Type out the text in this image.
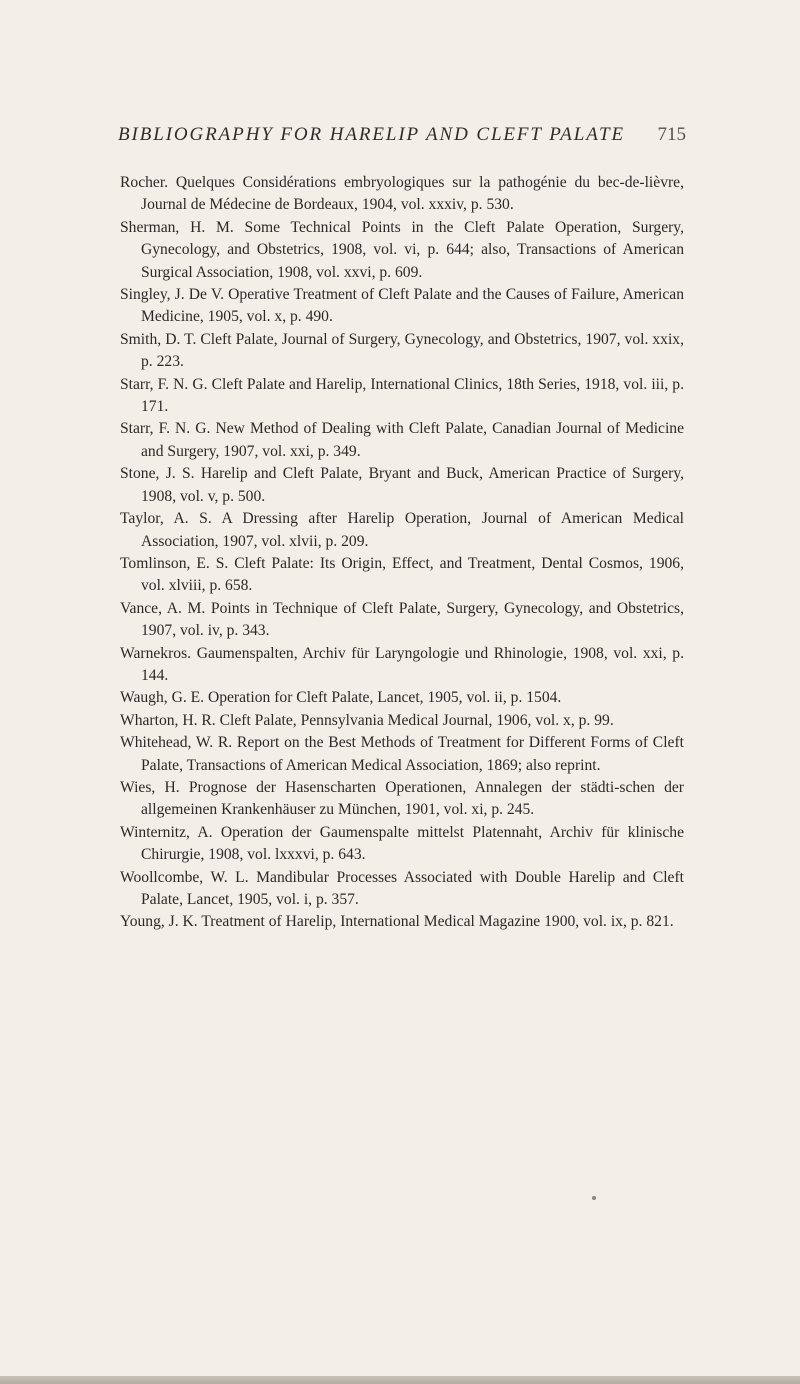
BIBLIOGRAPHY FOR HARELIP AND CLEFT PALATE 715
Rocher. Quelques Considérations embryologiques sur la pathogénie du bec-de-lièvre, Journal de Médecine de Bordeaux, 1904, vol. xxxiv, p. 530.
Sherman, H. M. Some Technical Points in the Cleft Palate Operation, Surgery, Gynecology, and Obstetrics, 1908, vol. vi, p. 644; also, Transactions of American Surgical Association, 1908, vol. xxvi, p. 609.
Singley, J. De V. Operative Treatment of Cleft Palate and the Causes of Failure, American Medicine, 1905, vol. x, p. 490.
Smith, D. T. Cleft Palate, Journal of Surgery, Gynecology, and Obstetrics, 1907, vol. xxix, p. 223.
Starr, F. N. G. Cleft Palate and Harelip, International Clinics, 18th Series, 1918, vol. iii, p. 171.
Starr, F. N. G. New Method of Dealing with Cleft Palate, Canadian Journal of Medicine and Surgery, 1907, vol. xxi, p. 349.
Stone, J. S. Harelip and Cleft Palate, Bryant and Buck, American Practice of Surgery, 1908, vol. v, p. 500.
Taylor, A. S. A Dressing after Harelip Operation, Journal of American Medical Association, 1907, vol. xlvii, p. 209.
Tomlinson, E. S. Cleft Palate: Its Origin, Effect, and Treatment, Dental Cosmos, 1906, vol. xlviii, p. 658.
Vance, A. M. Points in Technique of Cleft Palate, Surgery, Gynecology, and Obstetrics, 1907, vol. iv, p. 343.
Warnekros. Gaumenspalten, Archiv für Laryngologie und Rhinologie, 1908, vol. xxi, p. 144.
Waugh, G. E. Operation for Cleft Palate, Lancet, 1905, vol. ii, p. 1504.
Wharton, H. R. Cleft Palate, Pennsylvania Medical Journal, 1906, vol. x, p. 99.
Whitehead, W. R. Report on the Best Methods of Treatment for Different Forms of Cleft Palate, Transactions of American Medical Association, 1869; also reprint.
Wies, H. Prognose der Hasenscharten Operationen, Annalegen der städti-schen der allgemeinen Krankenhäuser zu München, 1901, vol. xi, p. 245.
Winternitz, A. Operation der Gaumenspalte mittelst Platennaht, Archiv für klinische Chirurgie, 1908, vol. lxxxvi, p. 643.
Woollcombe, W. L. Mandibular Processes Associated with Double Harelip and Cleft Palate, Lancet, 1905, vol. i, p. 357.
Young, J. K. Treatment of Harelip, International Medical Magazine 1900, vol. ix, p. 821.
